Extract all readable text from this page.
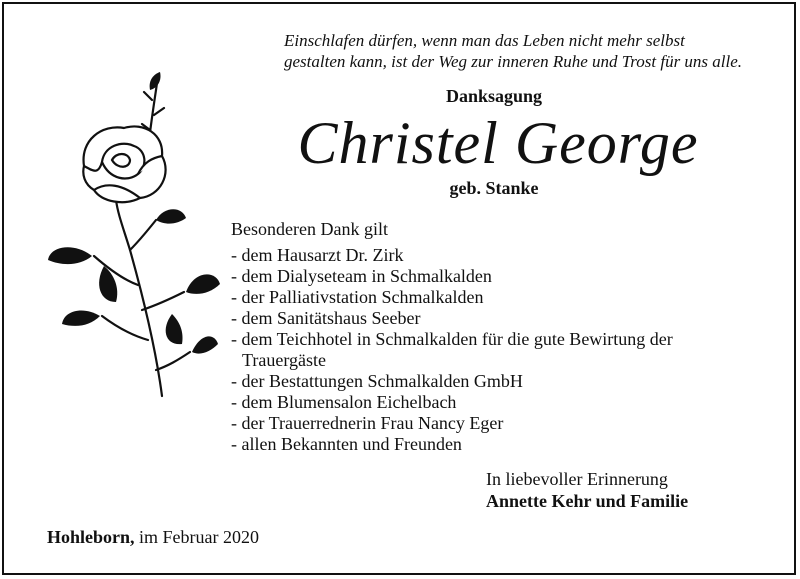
Einschlafen dürfen, wenn man das Leben nicht mehr selbst
gestalten kann, ist der Weg zur inneren Ruhe und Trost für uns alle.
Danksagung
Christel George
geb. Stanke
Besonderen Dank gilt
- dem Hausarzt Dr. Zirk
- dem Dialyseteam in Schmalkalden
- der Palliativstation Schmalkalden
- dem Sanitätshaus Seeber
- dem Teichhotel in Schmalkalden für die gute Bewirtung der Trauergäste
- der Bestattungen Schmalkalden GmbH
- dem Blumensalon Eichelbach
- der Trauerrednerin Frau Nancy Eger
- allen Bekannten und Freunden
In liebevoller Erinnerung
Annette Kehr und Familie
Hohleborn, im Februar 2020
